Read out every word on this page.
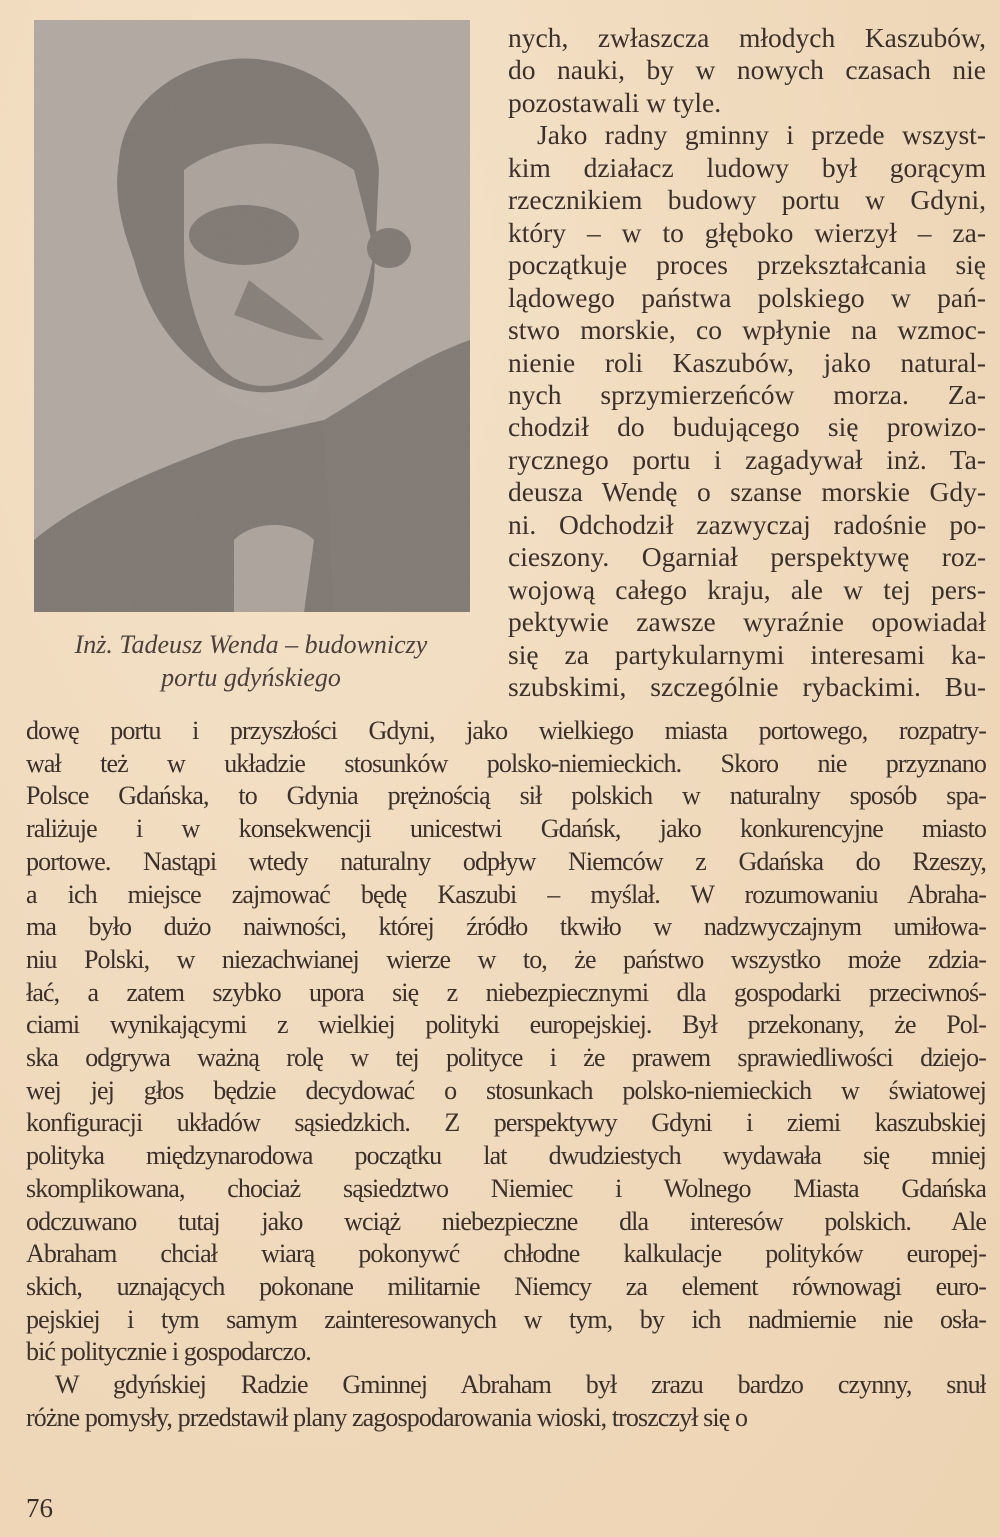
Inż. Tadeusz Wenda – budowniczy
portu gdyńskiego
nych, zwłaszcza młodych Kaszubów,
do nauki, by w nowych czasach nie
pozostawali w tyle.
Jako radny gminny i przede wszyst-
kim działacz ludowy był gorącym
rzecznikiem budowy portu w Gdyni,
który – w to głęboko wierzył – za-
początkuje proces przekształcania się
lądowego państwa polskiego w pań-
stwo morskie, co wpłynie na wzmoc-
nienie roli Kaszubów, jako natural-
nych sprzymierzeńców morza. Za-
chodził do budującego się prowizo-
rycznego portu i zagadywał inż. Ta-
deusza Wendę o szanse morskie Gdy-
ni. Odchodził zazwyczaj radośnie po-
cieszony. Ogarniał perspektywę roz-
wojową całego kraju, ale w tej pers-
pektywie zawsze wyraźnie opowiadał
się za partykularnymi interesami ka-
szubskimi, szczególnie rybackimi. Bu-
dowę portu i przyszłości Gdyni, jako wielkiego miasta portowego, rozpatry-
wał też w układzie stosunków polsko-niemieckich. Skoro nie przyznano
Polsce Gdańska, to Gdynia prężnością sił polskich w naturalny sposób spa-
raliżuje i w konsekwencji unicestwi Gdańsk, jako konkurencyjne miasto
portowe. Nastąpi wtedy naturalny odpływ Niemców z Gdańska do Rzeszy,
a ich miejsce zajmować będę Kaszubi – myślał. W rozumowaniu Abraha-
ma było dużo naiwności, której źródło tkwiło w nadzwyczajnym umiłowa-
niu Polski, w niezachwianej wierze w to, że państwo wszystko może zdzia-
łać, a zatem szybko upora się z niebezpiecznymi dla gospodarki przeciwnoś-
ciami wynikającymi z wielkiej polityki europejskiej. Był przekonany, że Pol-
ska odgrywa ważną rolę w tej polityce i że prawem sprawiedliwości dziejo-
wej jej głos będzie decydować o stosunkach polsko-niemieckich w światowej
konfiguracji układów sąsiedzkich. Z perspektywy Gdyni i ziemi kaszubskiej
polityka międzynarodowa początku lat dwudziestych wydawała się mniej
skomplikowana, chociaż sąsiedztwo Niemiec i Wolnego Miasta Gdańska
odczuwano tutaj jako wciąż niebezpieczne dla interesów polskich. Ale
Abraham chciał wiarą pokonywć chłodne kalkulacje polityków europej-
skich, uznających pokonane militarnie Niemcy za element równowagi euro-
pejskiej i tym samym zainteresowanych w tym, by ich nadmiernie nie osła-
bić politycznie i gospodarczo.
W gdyńskiej Radzie Gminnej Abraham był zrazu bardzo czynny, snuł
różne pomysły, przedstawił plany zagospodarowania wioski, troszczył się o
76
